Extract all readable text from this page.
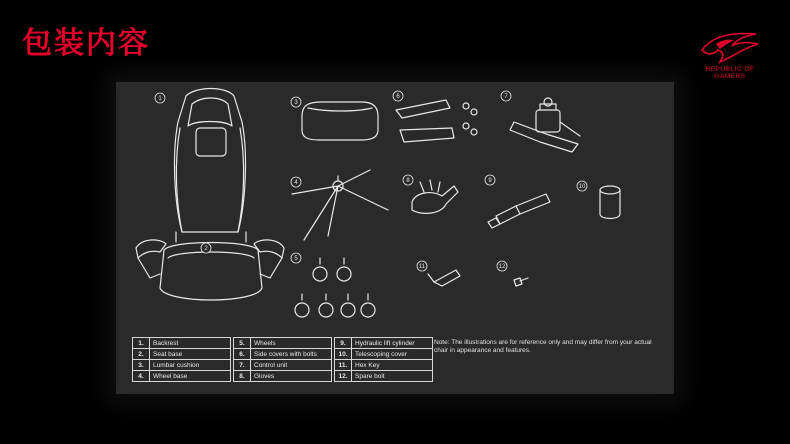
包装内容
REPUBLIC OF
GAMERS
1
2
3
6	7
4	8	9
10
5
11	12
1.	Backrest		5.	Wheels		9.	Hydraulic lift cylinder
2.	Seat base		6.	Side covers with bolts		10.	Telescoping cover
3.	Lumbar cushion		7.	Control unit		11.	Hex Key
4.	Wheel base		8.	Gloves		12.	Spare bolt
Note: The illustrations are for reference only and may differ from your actual chair in appearance and features.
